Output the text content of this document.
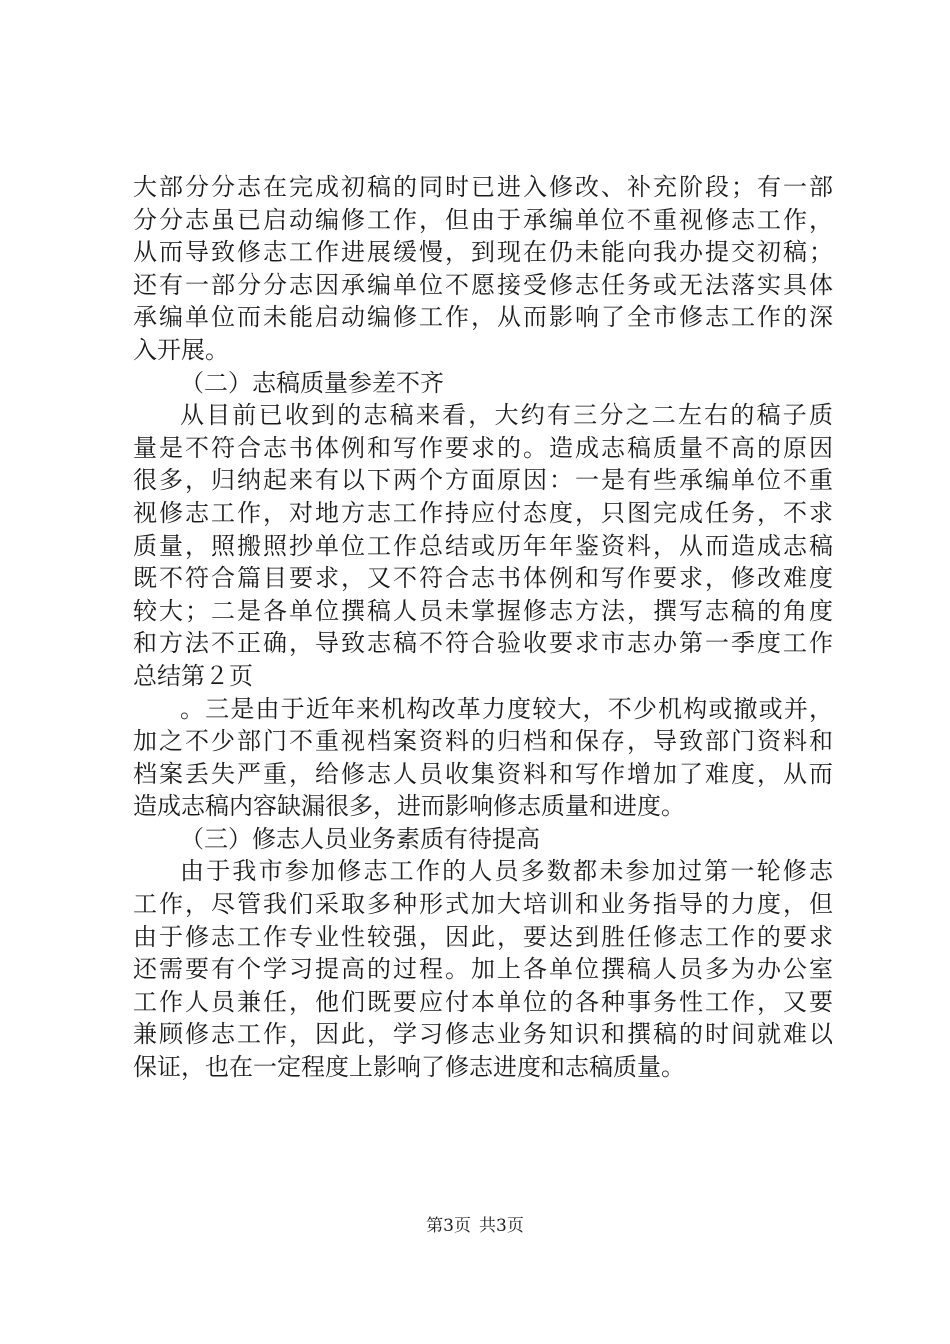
大部分分志在完成初稿的同时已进入修改、补充阶段；有一部
分分志虽已启动编修工作，但由于承编单位不重视修志工作，
从而导致修志工作进展缓慢，到现在仍未能向我办提交初稿；
还有一部分分志因承编单位不愿接受修志任务或无法落实具体
承编单位而未能启动编修工作，从而影响了全市修志工作的深
入开展。
（二）志稿质量参差不齐
从目前已收到的志稿来看，大约有三分之二左右的稿子质
量是不符合志书体例和写作要求的。造成志稿质量不高的原因
很多，归纳起来有以下两个方面原因：一是有些承编单位不重
视修志工作，对地方志工作持应付态度，只图完成任务，不求
质量，照搬照抄单位工作总结或历年年鉴资料，从而造成志稿
既不符合篇目要求，又不符合志书体例和写作要求，修改难度
较大；二是各单位撰稿人员未掌握修志方法，撰写志稿的角度
和方法不正确，导致志稿不符合验收要求市志办第一季度工作
总结第２页
。三是由于近年来机构改革力度较大，不少机构或撤或并，
加之不少部门不重视档案资料的归档和保存，导致部门资料和
档案丢失严重，给修志人员收集资料和写作增加了难度，从而
造成志稿内容缺漏很多，进而影响修志质量和进度。
（三）修志人员业务素质有待提高
由于我市参加修志工作的人员多数都未参加过第一轮修志
工作，尽管我们采取多种形式加大培训和业务指导的力度，但
由于修志工作专业性较强，因此，要达到胜任修志工作的要求
还需要有个学习提高的过程。加上各单位撰稿人员多为办公室
工作人员兼任，他们既要应付本单位的各种事务性工作，又要
兼顾修志工作，因此，学习修志业务知识和撰稿的时间就难以
保证，也在一定程度上影响了修志进度和志稿质量。
第3页 共3页
